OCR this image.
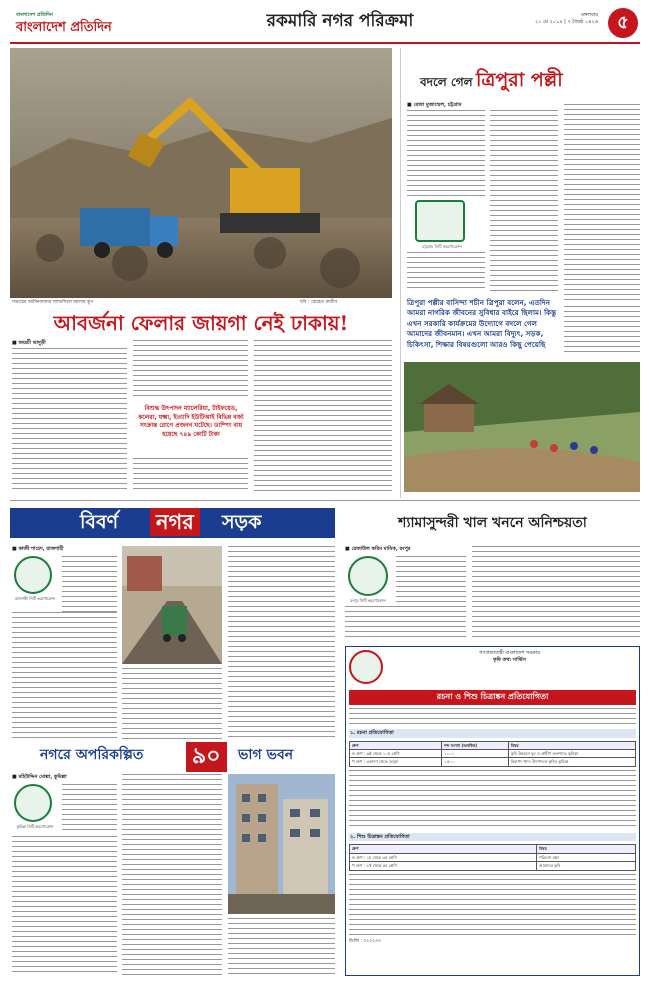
বাংলাদেশ প্রতিদিন
বাংলাদেশ প্রতিদিন	রকমারি নগর পরিক্রমা	মঙ্গলবার
২১ মে ২০১৯ | ৭ জ্যৈষ্ঠ ১৪২৬	৫
সভারের আমিনবাজার ল্যান্ডফিলে ময়লার স্তূপ	ছবি : রোহেত রাজীব
আবর্জনা ফেলার জায়গা নেই ঢাকায়!
■ জয়শ্রী ভাদুড়ী
বিশুদ্ধ উৎপাদন ম্যালেরিয়া, টাইফয়েড, কলেরা, যক্ষ্মা, ইত্যাদি ইউটিআই বিভিন্ন বর্জ্য সংক্রান্ত রোগে প্রজনন ঘটেছে। ডাম্পিং ব্যয় হয়েছে ৭৪৯ কোটি টাকা
বদলে গেল ত্রিপুরা পল্লী
■ রেজা মুজাম্মেল, চট্টগ্রাম
চট্টগ্রাম সিটি করপোরেশন
ত্রিপুরা পল্লীর বাসিন্দা শচীন ত্রিপুরা বলেন, এতদিন আমরা নাগরিক জীবনের সুবিধার বাইরে ছিলাম। কিন্তু এখন সরকারি কার্যক্রমের উদ্যোগে বদলে গেল আমাদের জীবনমান। এখন আমরা বিদ্যুৎ, সড়ক, চিকিৎসা, শিক্ষার বিষয়গুলো আরও কিছু পেয়েছি
বিবর্ণ নগর	সড়ক
■ কাজী শাহেদ, রাজশাহী
রাজশাহী সিটি করপোরেশন
শ্যামাসুন্দরী খাল খননে অনিশ্চয়তা
■ রেজাউল করিম মানিক, রংপুর
রংপুর সিটি করপোরেশন
গণপ্রজাতন্ত্রী বাংলাদেশ সরকার
কৃষি তথ্য সার্ভিস
রচনা ও শিশু চিত্রাঙ্কন প্রতিযোগিতা
১. রচনা প্রতিযোগিতা
গ্রুপ	শব্দ সংখ্যা (অনধিক)	বিষয়
ক গ্রুপ : ৬ষ্ঠ থেকে ১০ম শ্রেণি	১০০০	কৃষি উন্নয়নে যুব ও গ্রামীণ তরুণদের ভূমিকা
খ গ্রুপ : একাদশ থেকে তদূর্ধ্ব	১৫০০	নিরাপদ খাদ্য উৎপাদনে কৃষির ভূমিকা
২. শিশু চিত্রাঙ্কন প্রতিযোগিতা
গ্রুপ	বিষয়
ক গ্রুপ : ১ম থেকে ৩য় শ্রেণি	পরিবেশ রক্ষা
খ গ্রুপ : ৪র্থ থেকে ৫ম শ্রেণি	আমাদের কৃষি
ডিজি : ৩২২২৩৩
নগরে অপরিকল্পিত ৯০	ভাগ ভবন
■ মহিউদ্দিন মোল্লা, কুমিল্লা
কুমিল্লা সিটি করপোরেশন
